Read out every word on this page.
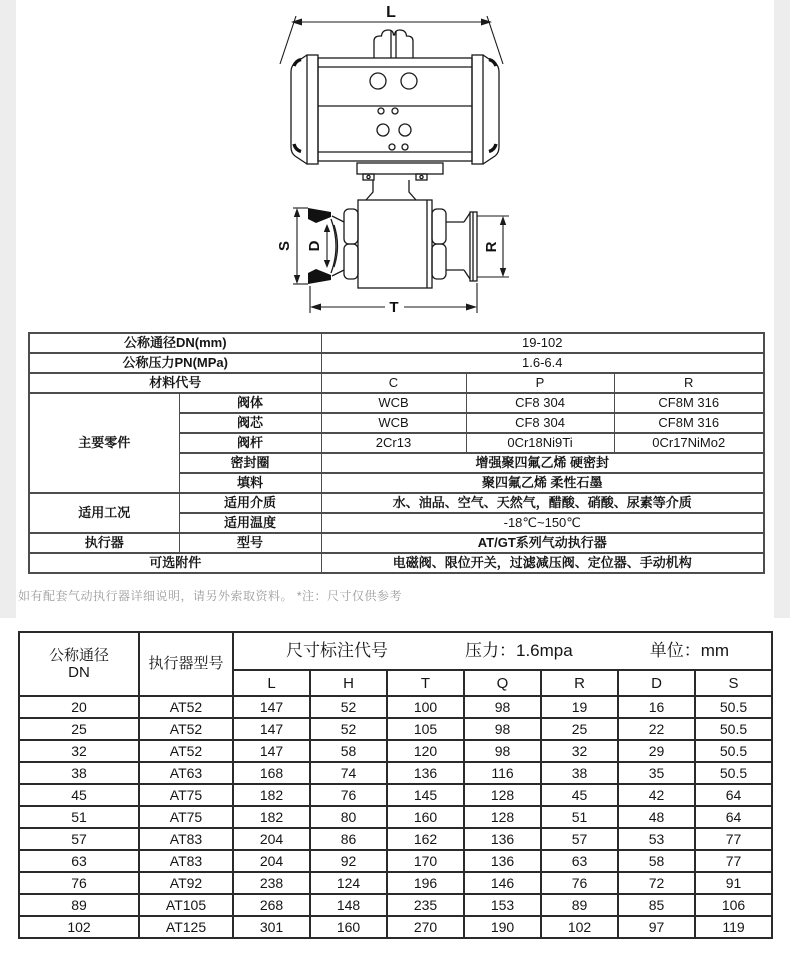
L
S D	R
T
公称通径DN(mm)		19-102		
公称压力PN(MPa)		1.6-6.4		
材料代号		C	P	R
主要零件	阀体	WCB	CF8 304	CF8M 316
	阀芯	WCB	CF8 304	CF8M 316
	阀杆	2Cr13	0Cr18Ni9Ti	0Cr17NiMo2
	密封圈	增强聚四氟乙烯 硬密封		
	填料	聚四氟乙烯 柔性石墨		
适用工况	适用介质	水、油品、空气、天然气，醋酸、硝酸、尿素等介质		
	适用温度	-18℃~150℃		
执行器	型号	AT/GT系列气动执行器		
可选附件		电磁阀、限位开关，过滤减压阀、定位器、手动机构		
如有配套气动执行器详细说明，请另外索取资料。 *注：尺寸仅供参考
公称通径
DN
	执行器型号	
尺寸标注代号	压力：1.6mpa	单位：mm

		L	H	T	Q	R	D	S
20	AT52	147	52	100	98	19	16	50.5
25	AT52	147	52	105	98	25	22	50.5
32	AT52	147	58	120	98	32	29	50.5
38	AT63	168	74	136	116	38	35	50.5
45	AT75	182	76	145	128	45	42	64
51	AT75	182	80	160	128	51	48	64
57	AT83	204	86	162	136	57	53	77
63	AT83	204	92	170	136	63	58	77
76	AT92	238	124	196	146	76	72	91
89	AT105	268	148	235	153	89	85	106
102	AT125	301	160	270	190	102	97	119
